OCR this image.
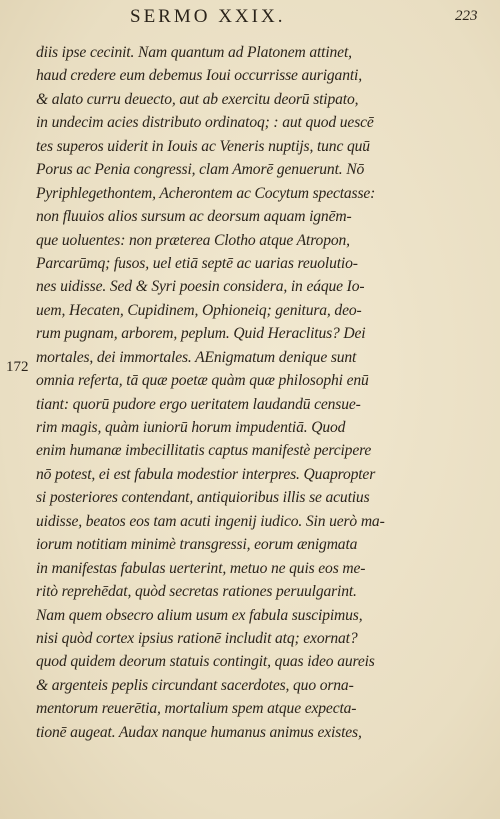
SERMO XXIX.	223
172
diis ipse cecinit. Nam quantum ad Platonem attinet,
haud credere eum debemus Ioui occurrisse auriganti,
& alato curru deuecto, aut ab exercitu deorū stipato,
in undecim acies distributo ordinatoq; : aut quod uescē
tes superos uiderit in Iouis ac Veneris nuptijs, tunc quū
Porus ac Penia congressi, clam Amorē genuerunt. Nō
Pyriphlegethontem, Acherontem ac Cocytum spectasse:
non fluuios alios sursum ac deorsum aquam ignēm-
que uoluentes: non præterea Clotho atque Atropon,
Parcarūmq; fusos, uel etiā septē ac uarias reuolutio-
nes uidisse. Sed & Syri poesin considera, in eáque Io-
uem, Hecaten, Cupidinem, Ophioneiq; genitura, deo-
rum pugnam, arborem, peplum. Quid Heraclitus? Dei
mortales, dei immortales. AEnigmatum denique sunt
omnia referta, tā quæ poetæ quàm quæ philosophi enū
tiant: quorū pudore ergo ueritatem laudandū censue-
rim magis, quàm iuniorū horum impudentiā. Quod
enim humanæ imbecillitatis captus manifestè percipere
nō potest, ei est fabula modestior interpres. Quapropter
si posteriores contendant, antiquioribus illis se acutius
uidisse, beatos eos tam acuti ingenij iudico. Sin uerò ma-
iorum notitiam minimè transgressi, eorum ænigmata
in manifestas fabulas uerterint, metuo ne quis eos me-
ritò reprehēdat, quòd secretas rationes peruulgarint.
Nam quem obsecro alium usum ex fabula suscipimus,
nisi quòd cortex ipsius rationē includit atq; exornat?
quod quidem deorum statuis contingit, quas ideo aureis
& argenteis peplis circundant sacerdotes, quo orna-
mentorum reuerētia, mortalium spem atque expecta-
tionē augeat. Audax nanque humanus animus existes,
